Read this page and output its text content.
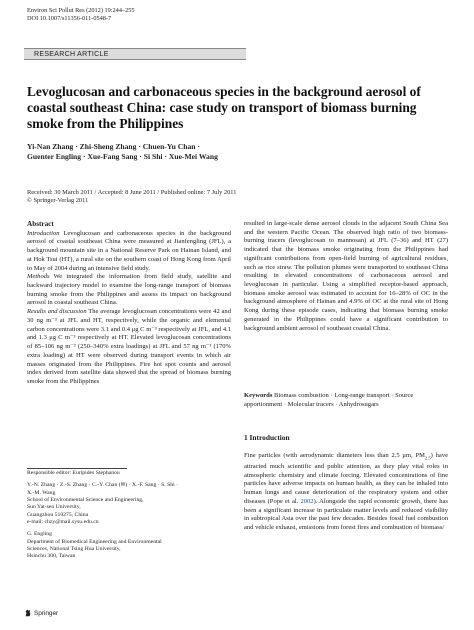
Environ Sci Pollut Res (2012) 19:244–255
DOI 10.1007/s11356-011-0548-7
RESEARCH ARTICLE
Levoglucosan and carbonaceous species in the background aerosol of coastal southeast China: case study on transport of biomass burning smoke from the Philippines
Yi-Nan Zhang · Zhi-Sheng Zhang · Chuen-Yu Chan ·
Guenter Engling · Xue-Fang Sang · Si Shi · Xue-Mei Wang
Received: 30 March 2011 / Accepted: 8 June 2011 / Published online: 7 July 2011
© Springer-Verlag 2011
Abstract

Introduction Levoglucosan and carbonaceous species in the background aerosol of coastal southeast China were measured at Jianfengling (JFL), a background mountain site in a National Reserve Park on Hainan Island, and at Hok Tsui (HT), a rural site on the southern coast of Hong Kong from April to May of 2004 during an intensive field study.

Methods We integrated the information from field study, satellite and backward trajectory model to examine the long-range transport of biomass burning smoke from the Philippines and assess its impact on background aerosol in coastal southeast China.

Results and discussion The average levoglucosan concentrations were 42 and 30 ng m⁻³ at JFL and HT, respectively, while the organic and elemental carbon concentrations were 3.1 and 0.4 μg C m⁻³ respectively at JFL, and 4.1 and 1.3 μg C m⁻³ respectively at HT. Elevated levoglucosan concentrations of 85–106 ng m⁻³ (250–340% extra loadings) at JFL and 57 ng m⁻³ (170% extra loading) at HT were observed during transport events in which air masses originated from the Philippines. Fire hot spot counts and aerosol index derived from satellite data showed that the spread of biomass burning smoke from the Philippines

resulted in large-scale dense aerosol clouds in the adjacent South China Sea and the western Pacific Ocean. The observed high ratio of two biomass-burning tracers (levoglucosan to mannosan) at JFL (7–36) and HT (27) indicated that the biomass smoke originating from the Philippines had significant contributions from open-field burning of agricultural residues, such as rice straw. The pollution plumes were transported to southeast China resulting in elevated concentrations of carbonaceous aerosol and levoglucosan in particular. Using a simplified receptor-based approach, biomass smoke aerosol was estimated to account for 16–28% of OC in the background atmosphere of Hainan and 4.9% of OC at the rural site of Hong Kong during these episode cases, indicating that biomass burning smoke generated in the Philippines could have a significant contribution to background ambient aerosol of southeast coastal China.

Keywords Biomass combustion · Long-range transport · Source apportionment · Molecular tracers · Anhydrosugars
1 Introduction

Fine particles (with aerodynamic diameters less than 2.5 μm, $PM_{2.5}$) have attracted much scientific and public attention, as they play vital roles in atmospheric chemistry and climate forcing. Elevated concentrations of fine particles have adverse impacts on human health, as they can be inhaled into human lungs and cause deterioration of the respiratory system and other diseases (Pope et al. 2002). Alongside the rapid economic growth, there has been a significant increase in particulate matter levels and reduced visibility in subtropical Asia over the past few decades. Besides fossil fuel combustion and vehicle exhaust, emissions from forest fires and combustion of biomass/

Responsible editor: Euripides Stephanou
Y.-N. Zhang · Z.-S. Zhang · C.-Y. Chan (✉) · X.-F. Sang · S. Shi ·
X.-M. Wang
School of Environmental Science and Engineering,
Sun Yat-sen University,
Guangzhou 510275, China
e-mail: chzy@mail.sysu.edu.cn
G. Engling
Department of Biomedical Engineering and Environmental
Sciences, National Tsing Hua University,
Hsinchu 300, Taiwan
Springer
